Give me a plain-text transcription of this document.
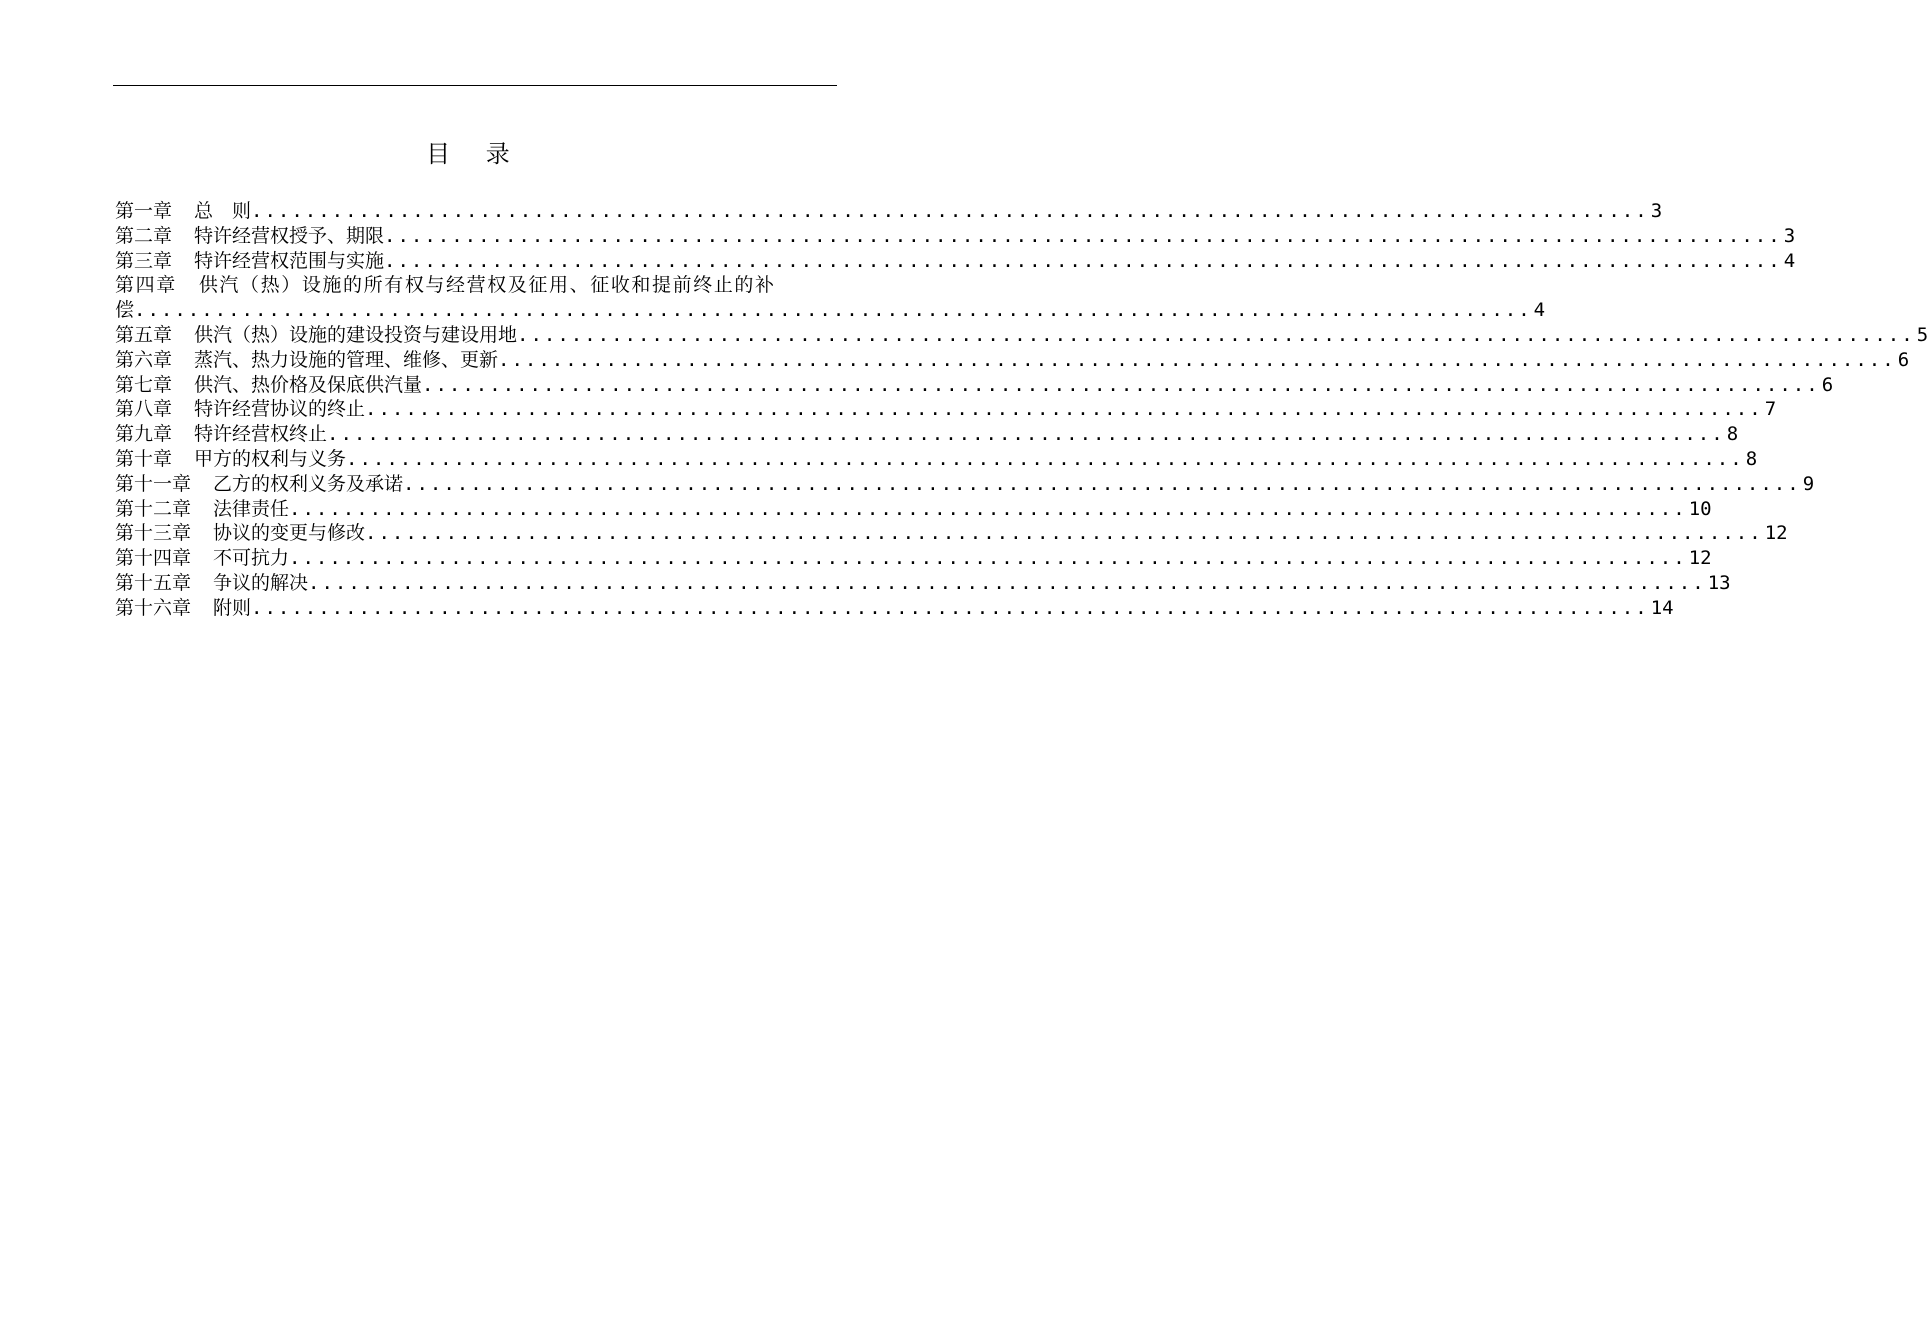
目 录
第一章 总　则 ........................................................................................................ 3
第二章 特许经营权授予、期限 ........................................................................................................ 3
第三章 特许经营权范围与实施 ........................................................................................................ 4
第四章 供汽（热）设施的所有权与经营权及征用、征收和提前终止的补
偿 ........................................................................................................ 4
第五章 供汽（热）设施的建设投资与建设用地 ........................................................................................................ 5
第六章 蒸汽、热力设施的管理、维修、更新 ........................................................................................................ 6
第七章 供汽、热价格及保底供汽量 ........................................................................................................ 6
第八章 特许经营协议的终止 ........................................................................................................ 7
第九章 特许经营权终止 ........................................................................................................ 8
第十章 甲方的权利与义务 ........................................................................................................ 8
第十一章 乙方的权利义务及承诺 ........................................................................................................ 9
第十二章 法律责任 ........................................................................................................ 10
第十三章 协议的变更与修改 ........................................................................................................ 12
第十四章 不可抗力 ........................................................................................................ 12
第十五章 争议的解决 ........................................................................................................ 13
第十六章 附则 ........................................................................................................ 14
